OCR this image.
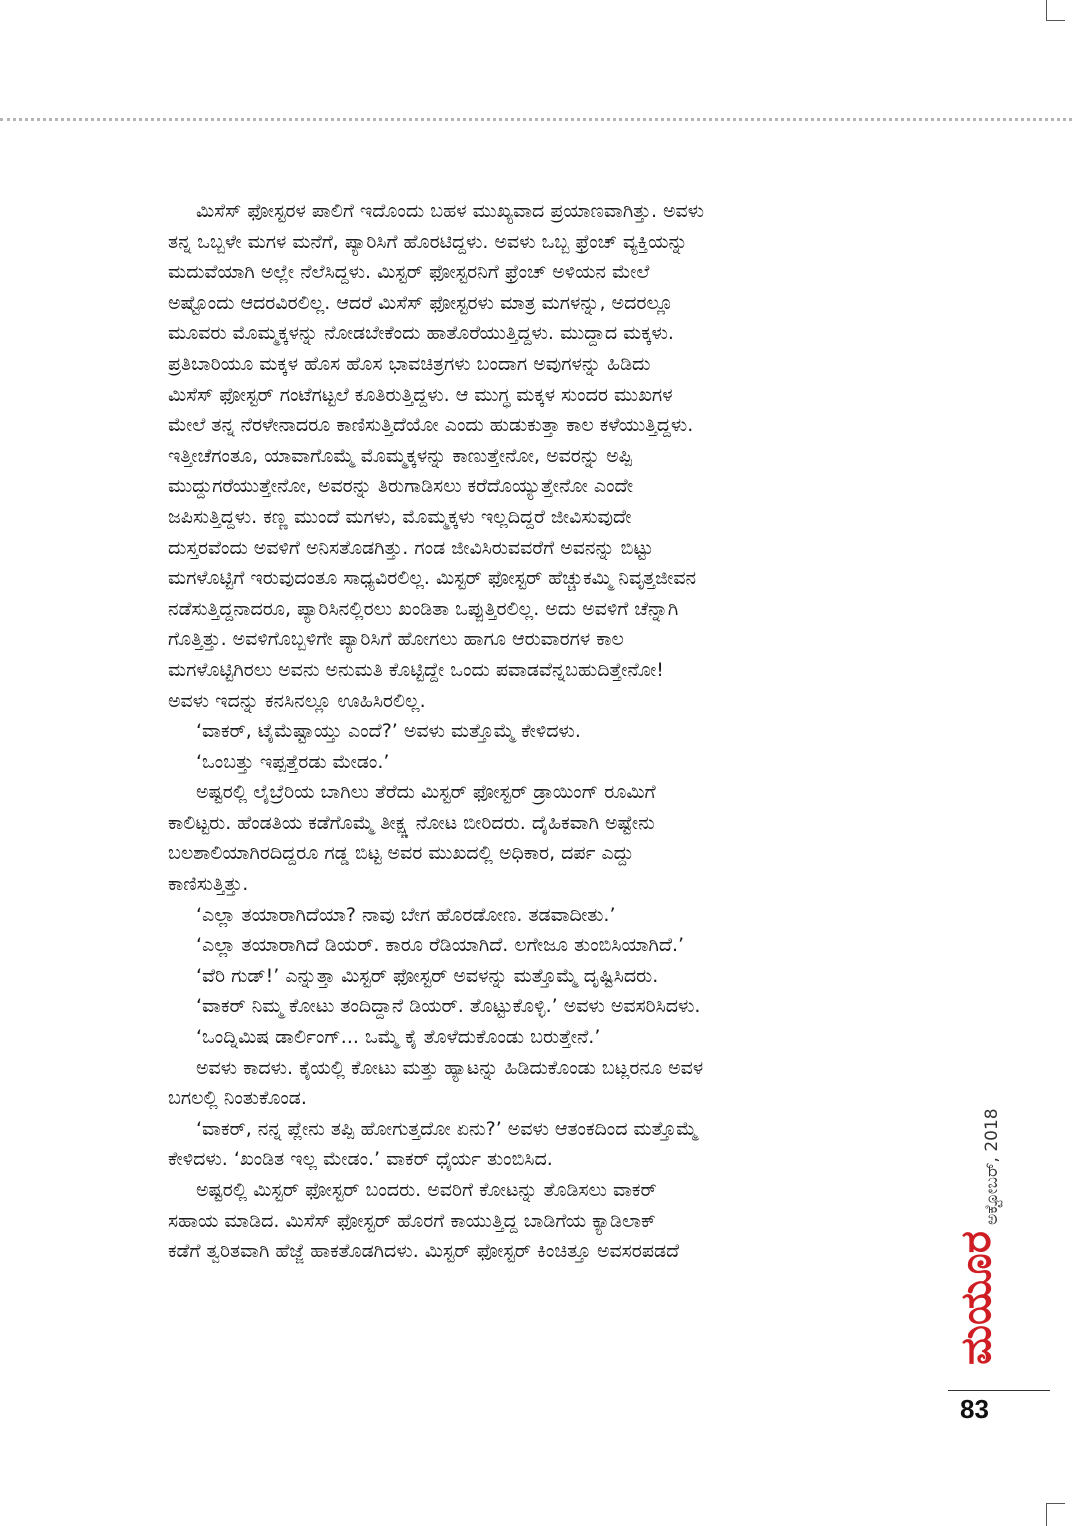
ಮಿಸೆಸ್ ಫೋಸ್ಟರಳ ಪಾಲಿಗೆ ಇದೊಂದು ಬಹಳ ಮುಖ್ಯವಾದ ಪ್ರಯಾಣವಾಗಿತ್ತು. ಅವಳು
ತನ್ನ ಒಬ್ಬಳೇ ಮಗಳ ಮನೆಗೆ, ಪ್ಯಾರಿಸಿಗೆ ಹೊರಟಿದ್ದಳು. ಅವಳು ಒಬ್ಬ ಫ್ರೆಂಚ್ ವ್ಯಕ್ತಿಯನ್ನು
ಮದುವೆಯಾಗಿ ಅಲ್ಲೇ ನೆಲೆಸಿದ್ದಳು. ಮಿಸ್ಟರ್ ಫೋಸ್ಟರನಿಗೆ ಫ್ರೆಂಚ್ ಅಳಿಯನ ಮೇಲೆ
ಅಷ್ಟೊಂದು ಆದರವಿರಲಿಲ್ಲ. ಆದರೆ ಮಿಸೆಸ್ ಫೋಸ್ಟರಳು ಮಾತ್ರ ಮಗಳನ್ನು, ಅದರಲ್ಲೂ
ಮೂವರು ಮೊಮ್ಮಕ್ಕಳನ್ನು ನೋಡಬೇಕೆಂದು ಹಾತೊರೆಯುತ್ತಿದ್ದಳು. ಮುದ್ದಾದ ಮಕ್ಕಳು.
ಪ್ರತಿಬಾರಿಯೂ ಮಕ್ಕಳ ಹೊಸ ಹೊಸ ಭಾವಚಿತ್ರಗಳು ಬಂದಾಗ ಅವುಗಳನ್ನು ಹಿಡಿದು
ಮಿಸೆಸ್ ಫೋಸ್ಟರ್ ಗಂಟೆಗಟ್ಟಲೆ ಕೂತಿರುತ್ತಿದ್ದಳು. ಆ ಮುಗ್ಧ ಮಕ್ಕಳ ಸುಂದರ ಮುಖಗಳ
ಮೇಲೆ ತನ್ನ ನೆರಳೇನಾದರೂ ಕಾಣಿಸುತ್ತಿದೆಯೋ ಎಂದು ಹುಡುಕುತ್ತಾ ಕಾಲ ಕಳೆಯುತ್ತಿದ್ದಳು.
ಇತ್ತೀಚೆಗಂತೂ, ಯಾವಾಗೊಮ್ಮೆ ಮೊಮ್ಮಕ್ಕಳನ್ನು ಕಾಣುತ್ತೇನೋ, ಅವರನ್ನು ಅಪ್ಪಿ
ಮುದ್ದುಗರೆಯುತ್ತೇನೋ, ಅವರನ್ನು ತಿರುಗಾಡಿಸಲು ಕರೆದೊಯ್ಯುತ್ತೇನೋ ಎಂದೇ
ಜಪಿಸುತ್ತಿದ್ದಳು. ಕಣ್ಣ ಮುಂದೆ ಮಗಳು, ಮೊಮ್ಮಕ್ಕಳು ಇಲ್ಲದಿದ್ದರೆ ಜೀವಿಸುವುದೇ
ದುಸ್ತರವೆಂದು ಅವಳಿಗೆ ಅನಿಸತೊಡಗಿತ್ತು. ಗಂಡ ಜೀವಿಸಿರುವವರೆಗೆ ಅವನನ್ನು ಬಿಟ್ಟು
ಮಗಳೊಟ್ಟಿಗೆ ಇರುವುದಂತೂ ಸಾಧ್ಯವಿರಲಿಲ್ಲ. ಮಿಸ್ಟರ್ ಫೋಸ್ಟರ್ ಹೆಚ್ಚುಕಮ್ಮಿ ನಿವೃತ್ತಜೀವನ
ನಡೆಸುತ್ತಿದ್ದನಾದರೂ, ಪ್ಯಾರಿಸಿನಲ್ಲಿರಲು ಖಂಡಿತಾ ಒಪ್ಪುತ್ತಿರಲಿಲ್ಲ. ಅದು ಅವಳಿಗೆ ಚೆನ್ನಾಗಿ
ಗೊತ್ತಿತ್ತು. ಅವಳಿಗೊಬ್ಬಳಿಗೇ ಪ್ಯಾರಿಸಿಗೆ ಹೋಗಲು ಹಾಗೂ ಆರುವಾರಗಳ ಕಾಲ
ಮಗಳೊಟ್ಟಿಗಿರಲು ಅವನು ಅನುಮತಿ ಕೊಟ್ಟಿದ್ದೇ ಒಂದು ಪವಾಡವೆನ್ನಬಹುದಿತ್ತೇನೋ!
ಅವಳು ಇದನ್ನು ಕನಸಿನಲ್ಲೂ ಊಹಿಸಿರಲಿಲ್ಲ.
‘ವಾಕರ್, ಟೈಮೆಷ್ಟಾಯ್ತು ಎಂದೆ?’ ಅವಳು ಮತ್ತೊಮ್ಮೆ ಕೇಳಿದಳು.
‘ಒಂಬತ್ತು ಇಪ್ಪತ್ತೆರಡು ಮೇಡಂ.’
ಅಷ್ಟರಲ್ಲಿ ಲೈಬ್ರೆರಿಯ ಬಾಗಿಲು ತೆರೆದು ಮಿಸ್ಟರ್ ಫೋಸ್ಟರ್ ಡ್ರಾಯಿಂಗ್ ರೂಮಿಗೆ
ಕಾಲಿಟ್ಟರು. ಹೆಂಡತಿಯ ಕಡೆಗೊಮ್ಮೆ ತೀಕ್ಷ್ಣ ನೋಟ ಬೀರಿದರು. ದೈಹಿಕವಾಗಿ ಅಷ್ಟೇನು
ಬಲಶಾಲಿಯಾಗಿರದಿದ್ದರೂ ಗಡ್ಡ ಬಿಟ್ಟ ಅವರ ಮುಖದಲ್ಲಿ ಅಧಿಕಾರ, ದರ್ಪ ಎದ್ದು
ಕಾಣಿಸುತ್ತಿತ್ತು.
‘ಎಲ್ಲಾ ತಯಾರಾಗಿದೆಯಾ? ನಾವು ಬೇಗ ಹೊರಡೋಣ. ತಡವಾದೀತು.’
‘ಎಲ್ಲಾ ತಯಾರಾಗಿದೆ ಡಿಯರ್. ಕಾರೂ ರೆಡಿಯಾಗಿದೆ. ಲಗೇಜೂ ತುಂಬಿಸಿಯಾಗಿದೆ.’
‘ವೆರಿ ಗುಡ್!’ ಎನ್ನುತ್ತಾ ಮಿಸ್ಟರ್ ಫೋಸ್ಟರ್ ಅವಳನ್ನು ಮತ್ತೊಮ್ಮೆ ದೃಷ್ಟಿಸಿದರು.
‘ವಾಕರ್ ನಿಮ್ಮ ಕೋಟು ತಂದಿದ್ದಾನೆ ಡಿಯರ್. ತೊಟ್ಟುಕೊಳ್ಳಿ.’ ಅವಳು ಅವಸರಿಸಿದಳು.
‘ಒಂದ್ನಿಮಿಷ ಡಾರ್ಲಿಂಗ್... ಒಮ್ಮೆ ಕೈ ತೊಳೆದುಕೊಂಡು ಬರುತ್ತೇನೆ.’
ಅವಳು ಕಾದಳು. ಕೈಯಲ್ಲಿ ಕೋಟು ಮತ್ತು ಹ್ಯಾಟನ್ನು ಹಿಡಿದುಕೊಂಡು ಬಟ್ಲರನೂ ಅವಳ
ಬಗಲಲ್ಲಿ ನಿಂತುಕೊಂಡ.
‘ವಾಕರ್, ನನ್ನ ಪ್ಲೇನು ತಪ್ಪಿ ಹೋಗುತ್ತದೋ ಏನು?’ ಅವಳು ಆತಂಕದಿಂದ ಮತ್ತೊಮ್ಮೆ
ಕೇಳಿದಳು. ‘ಖಂಡಿತ ಇಲ್ಲ ಮೇಡಂ.’ ವಾಕರ್ ಧೈರ್ಯ ತುಂಬಿಸಿದ.
ಅಷ್ಟರಲ್ಲಿ ಮಿಸ್ಟರ್ ಫೋಸ್ಟರ್ ಬಂದರು. ಅವರಿಗೆ ಕೋಟನ್ನು ತೊಡಿಸಲು ವಾಕರ್
ಸಹಾಯ ಮಾಡಿದ. ಮಿಸೆಸ್ ಫೋಸ್ಟರ್ ಹೊರಗೆ ಕಾಯುತ್ತಿದ್ದ ಬಾಡಿಗೆಯ ಕ್ಯಾಡಿಲಾಕ್
ಕಡೆಗೆ ತ್ವರಿತವಾಗಿ ಹೆಜ್ಜೆ ಹಾಕತೊಡಗಿದಳು. ಮಿಸ್ಟರ್ ಫೋಸ್ಟರ್ ಕಿಂಚಿತ್ತೂ ಅವಸರಪಡದೆ	ಮಯೂರ
ಅಕ್ಟೋಬರ್, 2018
83
